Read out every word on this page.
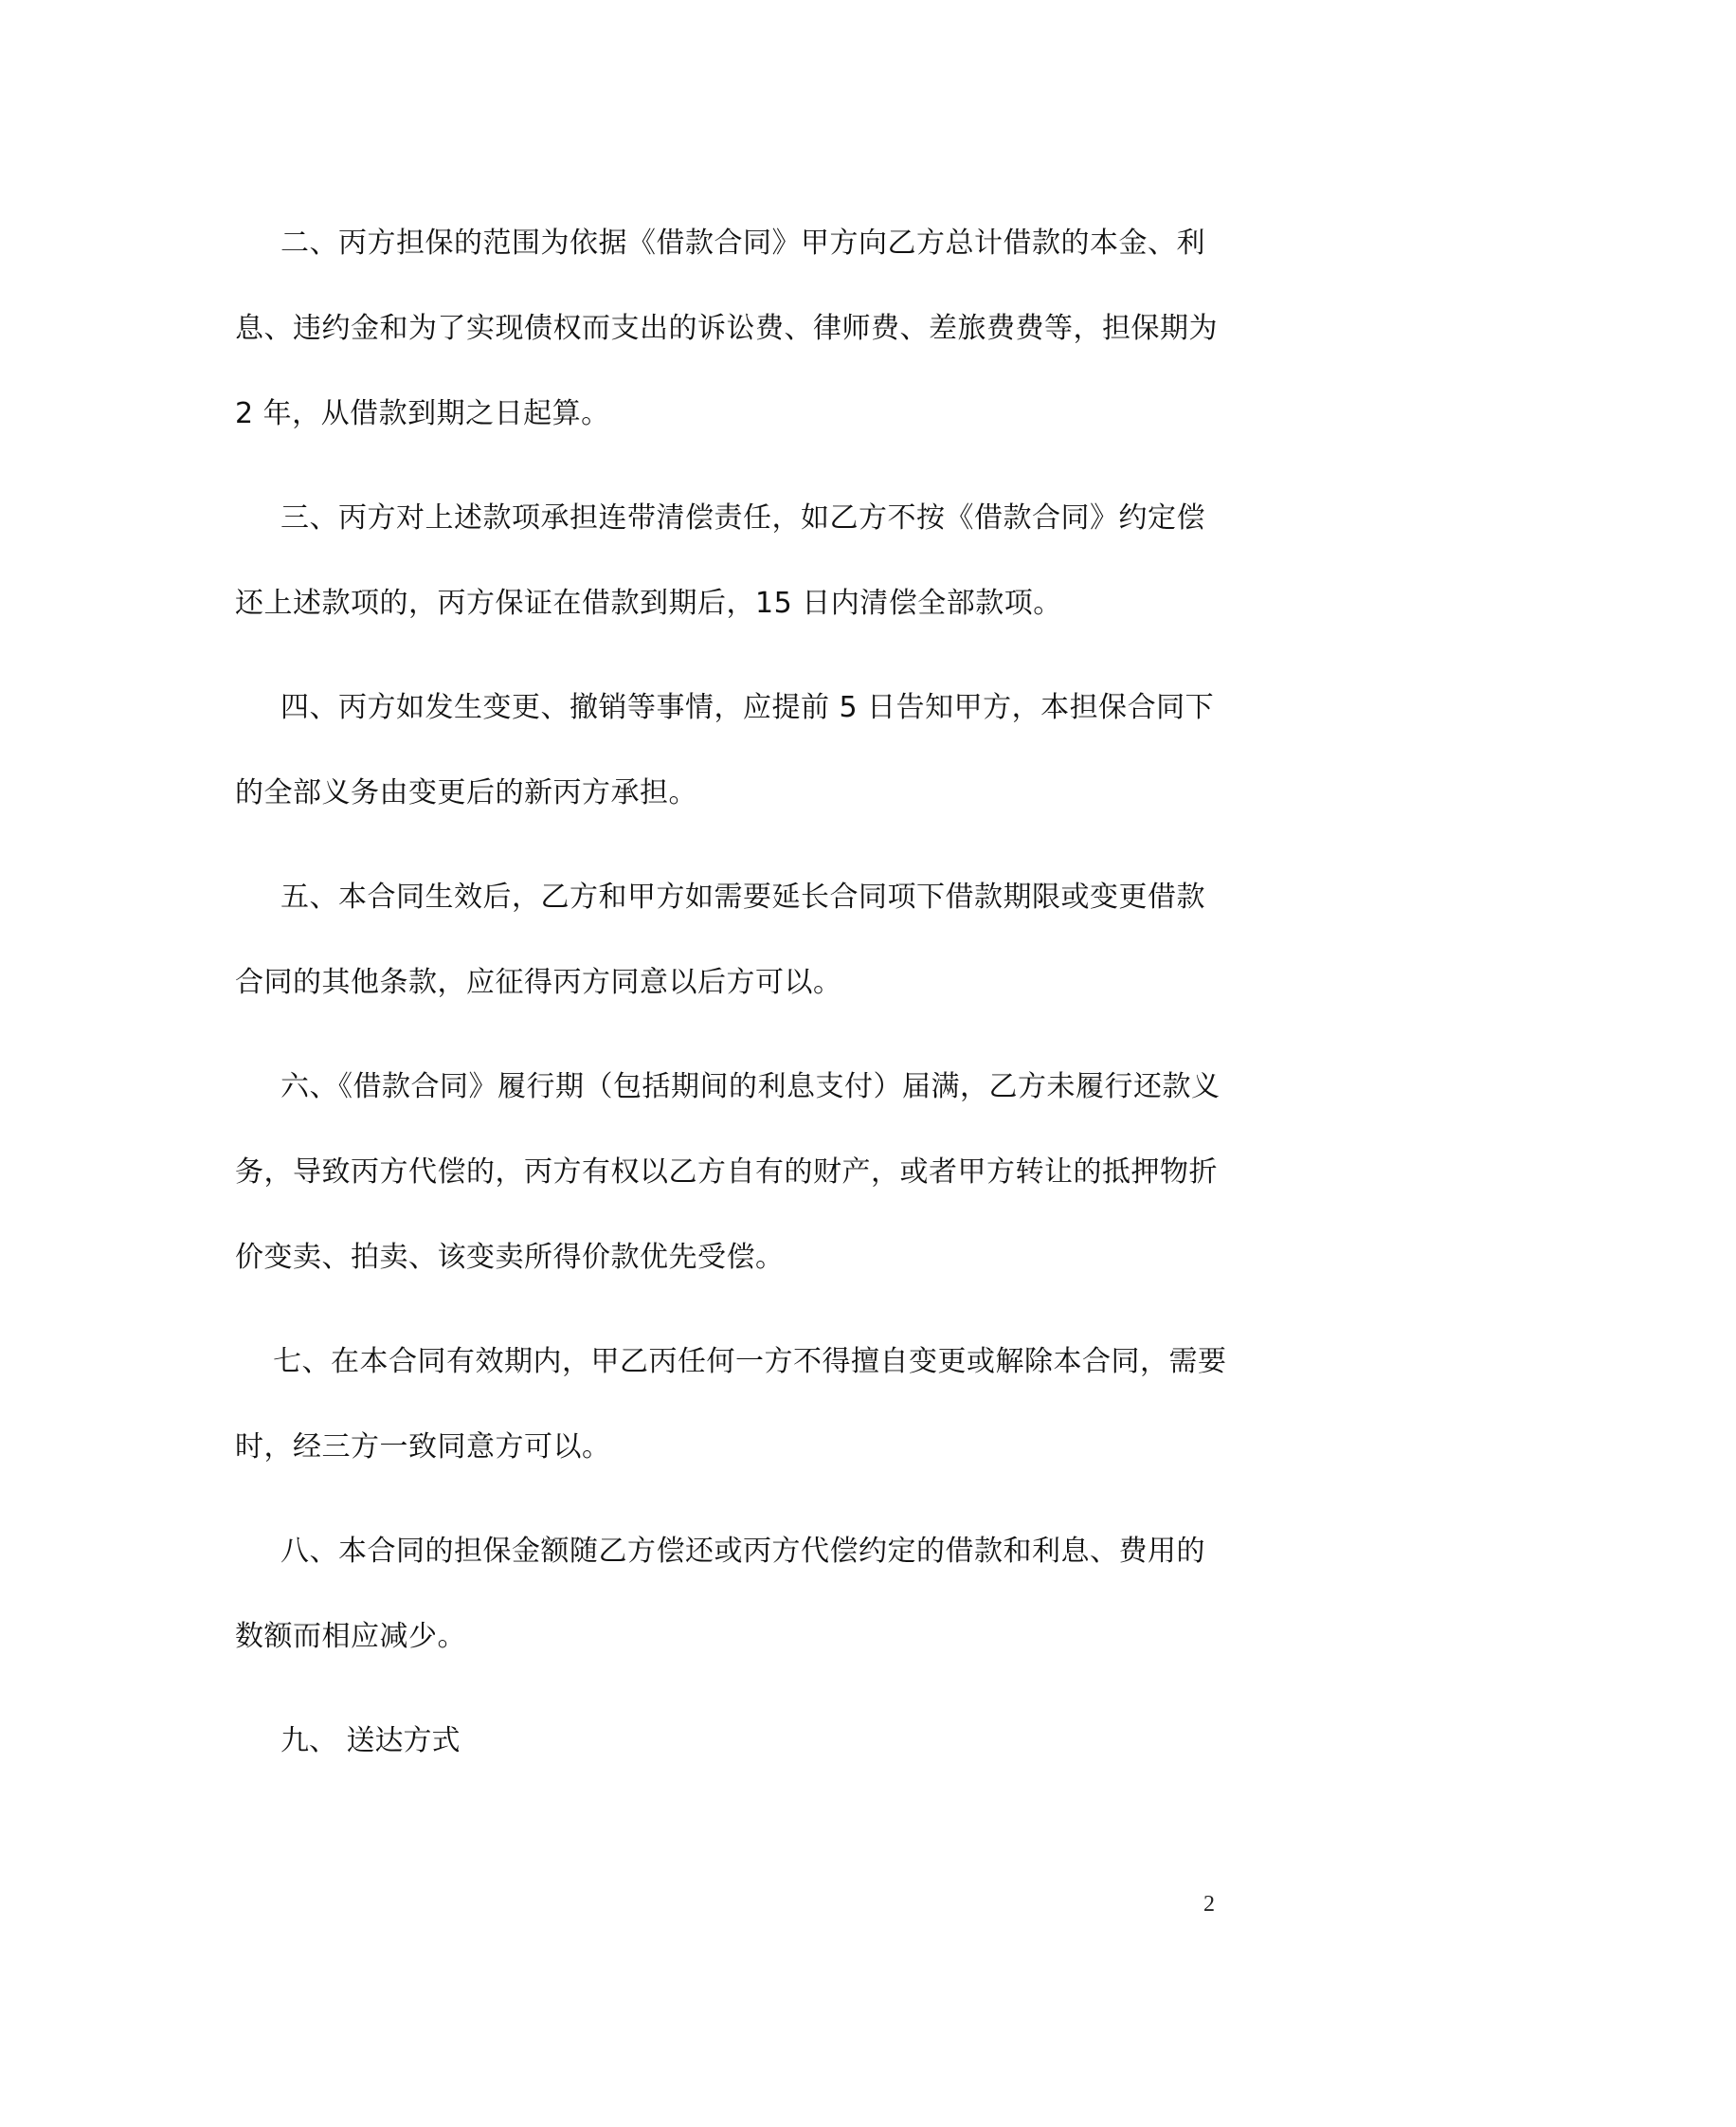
二、丙方担保的范围为依据《借款合同》甲方向乙方总计借款的本金、利息、违约金和为了实现债权而支出的诉讼费、律师费、差旅费费等，担保期为 2 年，从借款到期之日起算。

三、丙方对上述款项承担连带清偿责任，如乙方不按《借款合同》约定偿还上述款项的，丙方保证在借款到期后，15 日内清偿全部款项。

四、丙方如发生变更、撤销等事情，应提前 5 日告知甲方，本担保合同下的全部义务由变更后的新丙方承担。

五、本合同生效后，乙方和甲方如需要延长合同项下借款期限或变更借款合同的其他条款，应征得丙方同意以后方可以。

六、《借款合同》履行期（包括期间的利息支付）届满，乙方未履行还款义务，导致丙方代偿的，丙方有权以乙方自有的财产，或者甲方转让的抵押物折价变卖、拍卖、该变卖所得价款优先受偿。

七、在本合同有效期内，甲乙丙任何一方不得擅自变更或解除本合同，需要时，经三方一致同意方可以。

八、本合同的担保金额随乙方偿还或丙方代偿约定的借款和利息、费用的数额而相应减少。

九、 送达方式

2
